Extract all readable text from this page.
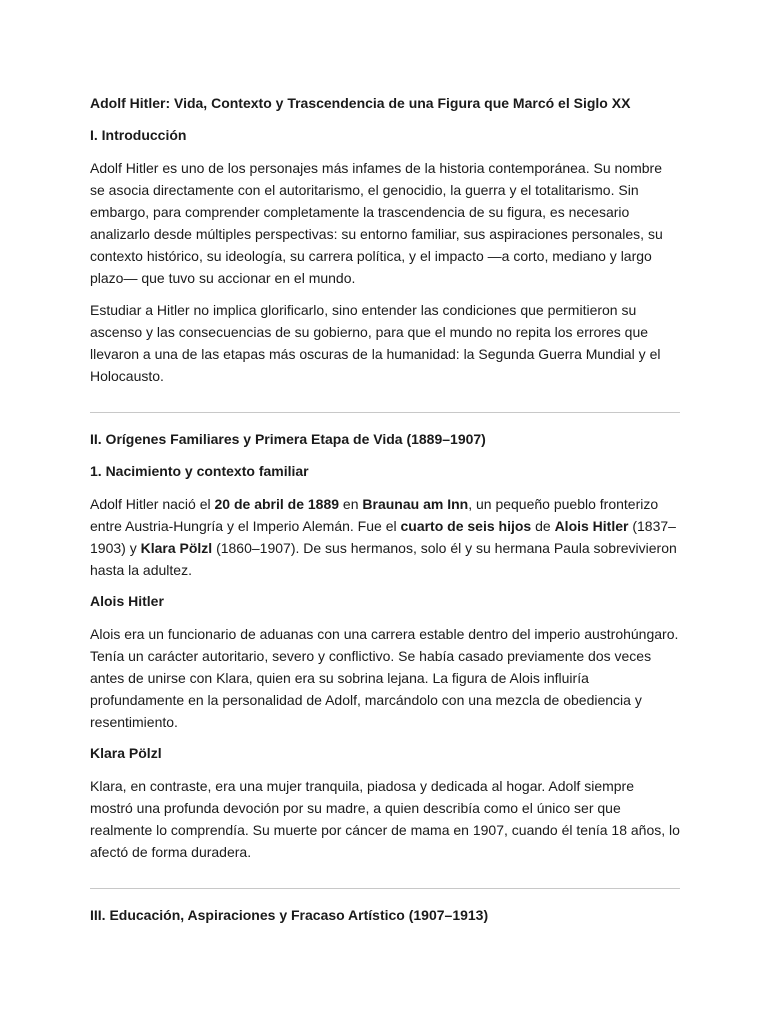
Adolf Hitler: Vida, Contexto y Trascendencia de una Figura que Marcó el Siglo XX
I. Introducción

Adolf Hitler es uno de los personajes más infames de la historia contemporánea. Su nombre se asocia directamente con el autoritarismo, el genocidio, la guerra y el totalitarismo. Sin embargo, para comprender completamente la trascendencia de su figura, es necesario analizarlo desde múltiples perspectivas: su entorno familiar, sus aspiraciones personales, su contexto histórico, su ideología, su carrera política, y el impacto —a corto, mediano y largo plazo— que tuvo su accionar en el mundo.

Estudiar a Hitler no implica glorificarlo, sino entender las condiciones que permitieron su ascenso y las consecuencias de su gobierno, para que el mundo no repita los errores que llevaron a una de las etapas más oscuras de la humanidad: la Segunda Guerra Mundial y el Holocausto.

II. Orígenes Familiares y Primera Etapa de Vida (1889–1907)
1. Nacimiento y contexto familiar

Adolf Hitler nació el 20 de abril de 1889 en Braunau am Inn, un pequeño pueblo fronterizo entre Austria-Hungría y el Imperio Alemán. Fue el cuarto de seis hijos de Alois Hitler (1837–1903) y Klara Pölzl (1860–1907). De sus hermanos, solo él y su hermana Paula sobrevivieron hasta la adultez.

Alois Hitler

Alois era un funcionario de aduanas con una carrera estable dentro del imperio austrohúngaro. Tenía un carácter autoritario, severo y conflictivo. Se había casado previamente dos veces antes de unirse con Klara, quien era su sobrina lejana. La figura de Alois influiría profundamente en la personalidad de Adolf, marcándolo con una mezcla de obediencia y resentimiento.

Klara Pölzl

Klara, en contraste, era una mujer tranquila, piadosa y dedicada al hogar. Adolf siempre mostró una profunda devoción por su madre, a quien describía como el único ser que realmente lo comprendía. Su muerte por cáncer de mama en 1907, cuando él tenía 18 años, lo afectó de forma duradera.

III. Educación, Aspiraciones y Fracaso Artístico (1907–1913)
